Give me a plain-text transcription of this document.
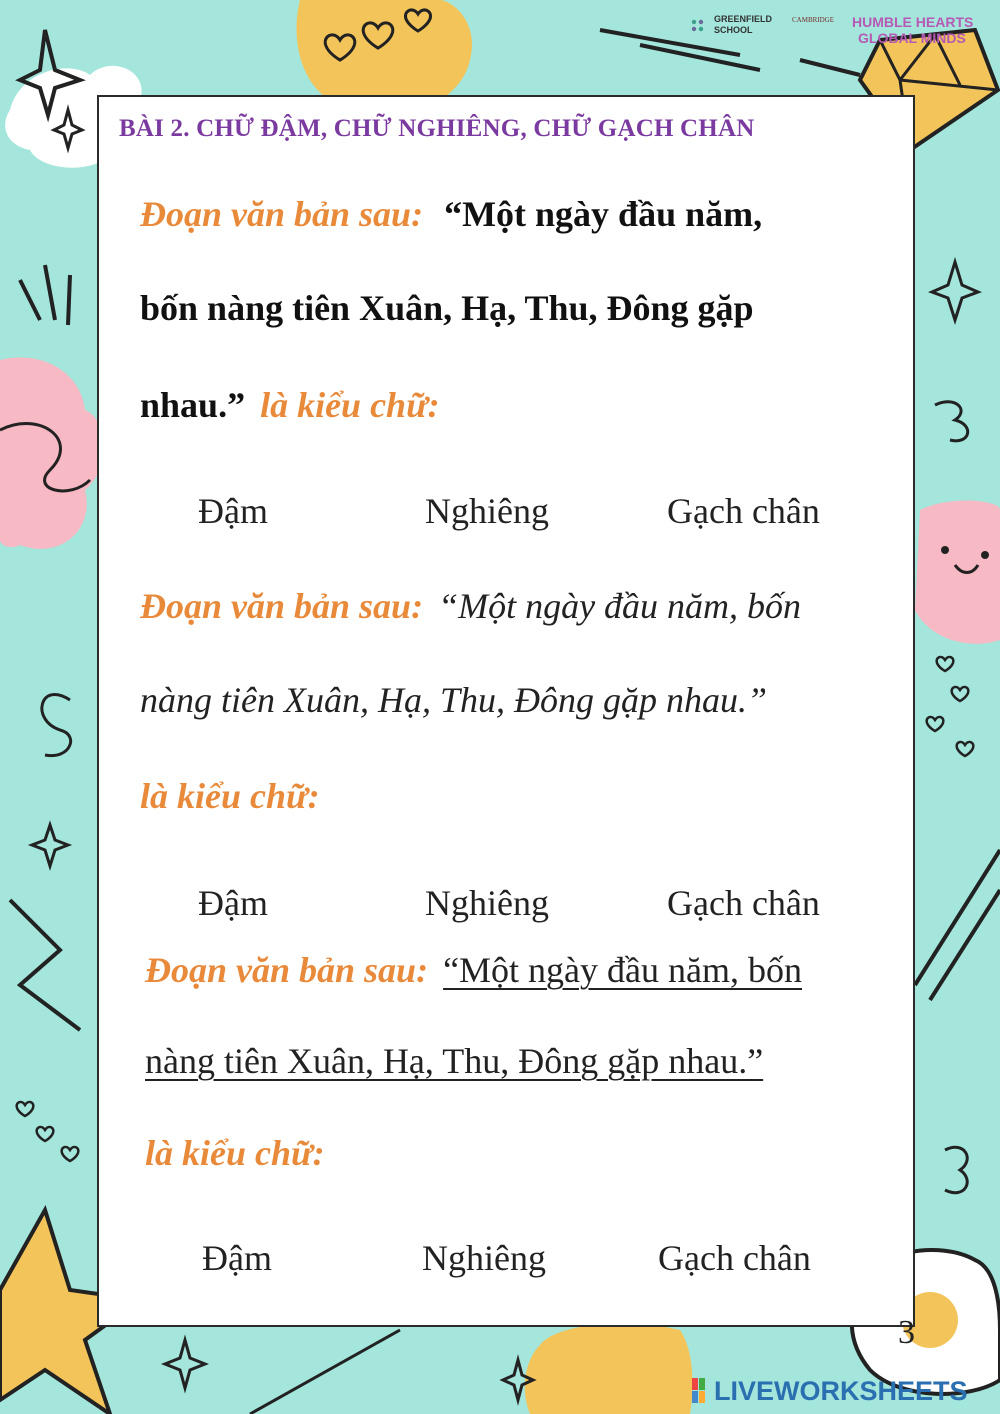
GREENFIELD
SCHOOL
CAMBRIDGE HUMBLE HEARTS
GLOBAL MINDS
BÀI 2. CHỮ ĐẬM, CHỮ NGHIÊNG, CHỮ GẠCH CHÂN
Đoạn văn bản sau: “Một ngày đầu năm,
bốn nàng tiên Xuân, Hạ, Thu, Đông gặp
nhau.” là kiểu chữ:
Đậm	Nghiêng	Gạch chân
Đoạn văn bản sau: “Một ngày đầu năm, bốn
nàng tiên Xuân, Hạ, Thu, Đông gặp nhau.”
là kiểu chữ:
Đậm	Nghiêng	Gạch chân
Đoạn văn bản sau: “Một ngày đầu năm, bốn
nàng tiên Xuân, Hạ, Thu, Đông gặp nhau.”
là kiểu chữ:
Đậm	Nghiêng	Gạch chân
3
LIVEWORKSHEETS
